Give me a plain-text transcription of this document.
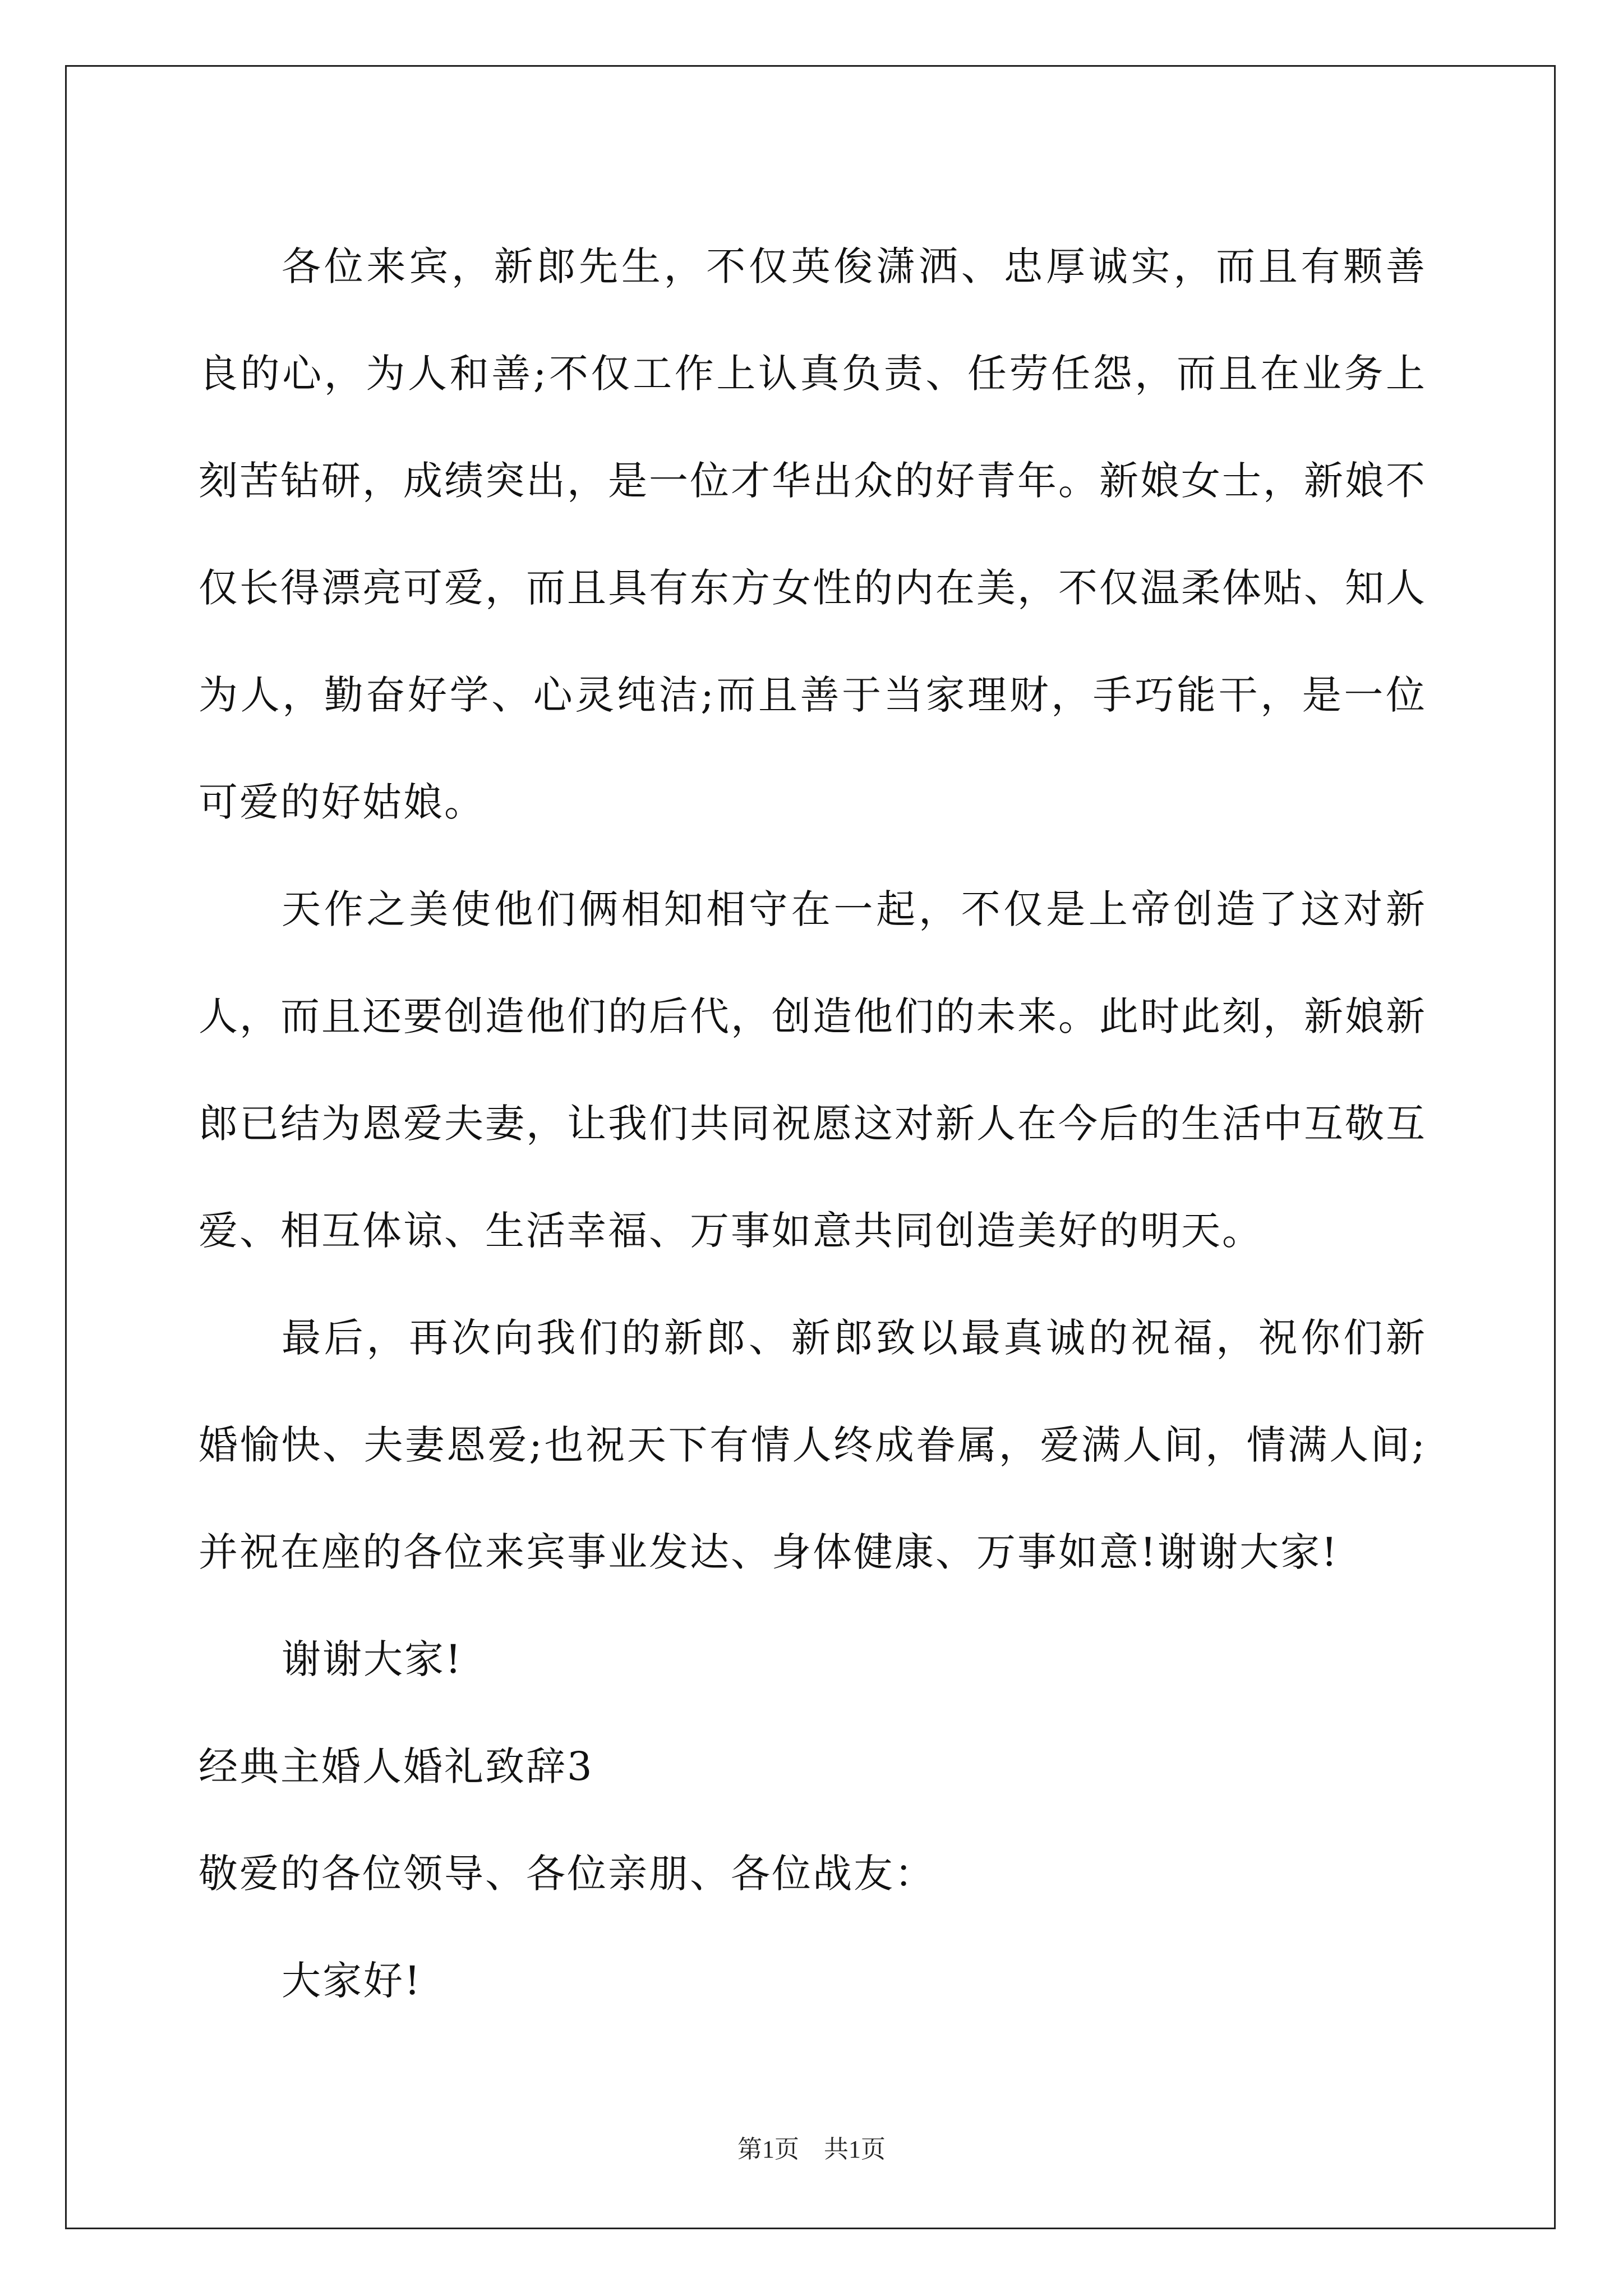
各位来宾，新郎先生，不仅英俊潇洒、忠厚诚实，而且有颗善良的心，为人和善;不仅工作上认真负责、任劳任怨，而且在业务上刻苦钻研，成绩突出，是一位才华出众的好青年。新娘女士，新娘不仅长得漂亮可爱，而且具有东方女性的内在美，不仅温柔体贴、知人为人，勤奋好学、心灵纯洁;而且善于当家理财，手巧能干，是一位可爱的好姑娘。

天作之美使他们俩相知相守在一起，不仅是上帝创造了这对新人，而且还要创造他们的后代，创造他们的未来。此时此刻，新娘新郎已结为恩爱夫妻，让我们共同祝愿这对新人在今后的生活中互敬互爱、相互体谅、生活幸福、万事如意共同创造美好的明天。

最后，再次向我们的新郎、新郎致以最真诚的祝福，祝你们新婚愉快、夫妻恩爱;也祝天下有情人终成眷属，爱满人间，情满人间;并祝在座的各位来宾事业发达、身体健康、万事如意!谢谢大家!

谢谢大家!

经典主婚人婚礼致辞3

敬爱的各位领导、各位亲朋、各位战友：

大家好!

第1页　共1页
